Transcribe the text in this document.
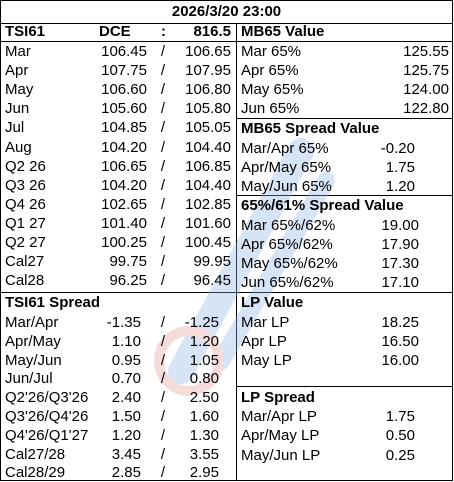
2026/3/20 23:00
TSI61	DCE :	816.5
Mar	106.45 /	106.65
Apr	107.75 /	107.95
May	106.60 /	106.80
Jun	105.60 /	105.80
Jul	104.85 /	105.05
Aug	104.20 /	104.40
Q2 26	106.65 /	106.85
Q3 26	104.20 /	104.40
Q4 26	102.65 /	102.85
Q1 27	101.40 /	101.60
Q2 27	100.25 /	100.45
Cal27	99.75 /	99.95
Cal28	96.25 /	96.45
TSI61 Spread
Mar/Apr	-1.35	/	-1.25
Apr/May	1.10	/	1.20
May/Jun	0.95	/	1.05
Jun/Jul	0.70	/	0.80
Q2'26/Q3'26	2.40	/	2.50
Q3'26/Q4'26	1.50	/	1.60
Q4'26/Q1'27	1.20	/	1.30
Cal27/28	3.45	/	3.55
Cal28/29	2.85	/	2.95
MB65 Value
Mar 65%	125.55
Apr 65%	125.75
May 65%	124.00
Jun 65%	122.80
MB65 Spread Value
Mar/Apr 65%	-0.20
Apr/May 65%	1.75
May/Jun 65%	1.20
65%/61% Spread Value
Mar 65%/62%	19.00
Apr 65%/62%	17.90
May 65%/62%	17.30
Jun 65%/62%	17.10
LP Value
Mar LP	18.25
Apr LP	16.50
May LP	16.00
LP Spread
Mar/Apr LP	1.75
Apr/May LP	0.50
May/Jun LP	0.25
